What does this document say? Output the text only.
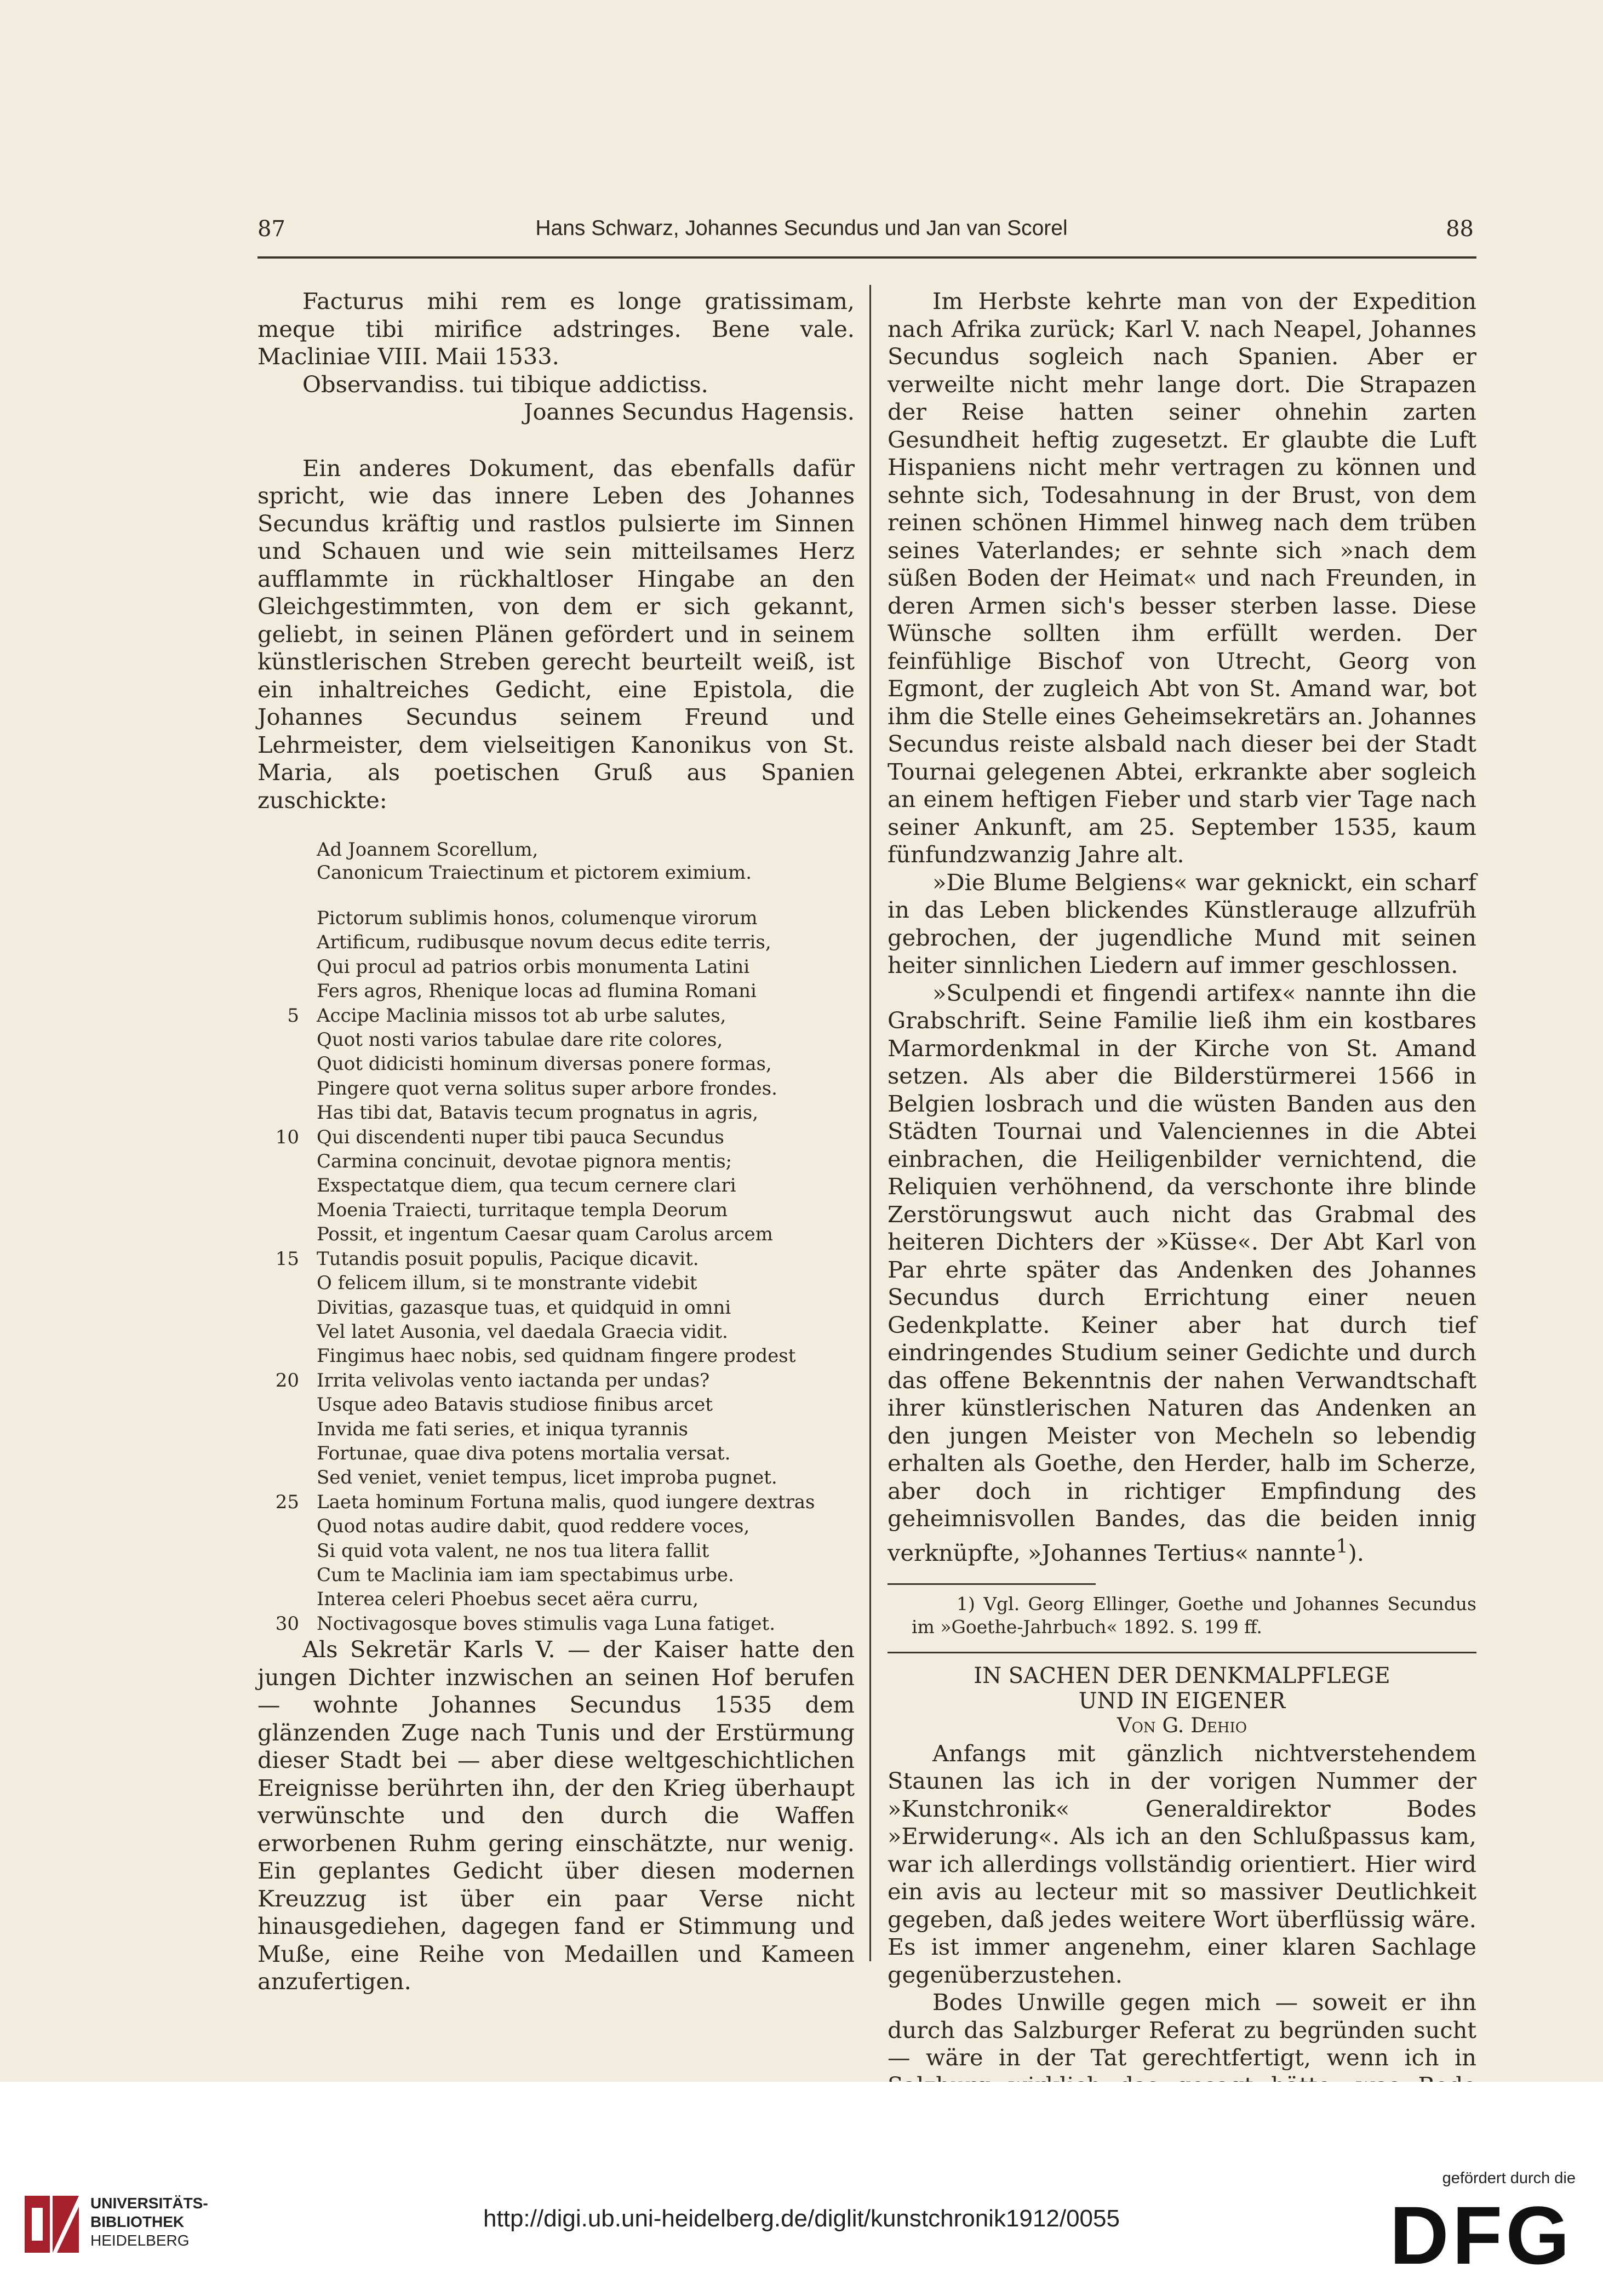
87	Hans Schwarz, Johannes Secundus und Jan van Scorel	88

Facturus mihi rem es longe gratissimam, meque tibi mirifice adstringes. Bene vale. Macliniae VIII. Maii 1533.

Observandiss. tui tibique addictiss.

Joannes Secundus Hagensis.

Ein anderes Dokument, das ebenfalls dafür spricht, wie das innere Leben des Johannes Secundus kräftig und rastlos pulsierte im Sinnen und Schauen und wie sein mitteilsames Herz aufflammte in rückhaltloser Hingabe an den Gleichgestimmten, von dem er sich gekannt, geliebt, in seinen Plänen gefördert und in seinem künstlerischen Streben gerecht beurteilt weiß, ist ein inhaltreiches Gedicht, eine Epistola, die Johannes Secundus seinem Freund und Lehrmeister, dem vielseitigen Kanonikus von St. Maria, als poetischen Gruß aus Spanien zuschickte:

Ad Joannem Scorellum,
Canonicum Traiectinum et pictorem eximium.
Pictorum sublimis honos, columenque virorum
Artificum, rudibusque novum decus edite terris,
Qui procul ad patrios orbis monumenta Latini
Fers agros, Rhenique locas ad flumina Romani
5 Accipe Maclinia missos tot ab urbe salutes,
Quot nosti varios tabulae dare rite colores,
Quot didicisti hominum diversas ponere formas,
Pingere quot verna solitus super arbore frondes.
Has tibi dat, Batavis tecum prognatus in agris,
10 Qui discendenti nuper tibi pauca Secundus
Carmina concinuit, devotae pignora mentis;
Exspectatque diem, qua tecum cernere clari
Moenia Traiecti, turritaque templa Deorum
Possit, et ingentum Caesar quam Carolus arcem
15 Tutandis posuit populis, Pacique dicavit.
O felicem illum, si te monstrante videbit
Divitias, gazasque tuas, et quidquid in omni
Vel latet Ausonia, vel daedala Graecia vidit.
Fingimus haec nobis, sed quidnam fingere prodest
20 Irrita velivolas vento iactanda per undas?
Usque adeo Batavis studiose finibus arcet
Invida me fati series, et iniqua tyrannis
Fortunae, quae diva potens mortalia versat.
Sed veniet, veniet tempus, licet improba pugnet.
25 Laeta hominum Fortuna malis, quod iungere dextras
Quod notas audire dabit, quod reddere voces,
Si quid vota valent, ne nos tua litera fallit
Cum te Maclinia iam iam spectabimus urbe.
Interea celeri Phoebus secet aëra curru,
30 Noctivagosque boves stimulis vaga Luna fatiget.

Als Sekretär Karls V. — der Kaiser hatte den jungen Dichter inzwischen an seinen Hof berufen — wohnte Johannes Secundus 1535 dem glänzenden Zuge nach Tunis und der Erstürmung dieser Stadt bei — aber diese weltgeschichtlichen Ereignisse berührten ihn, der den Krieg überhaupt verwünschte und den durch die Waffen erworbenen Ruhm gering einschätzte, nur wenig. Ein geplantes Gedicht über diesen modernen Kreuzzug ist über ein paar Verse nicht hinausgediehen, dagegen fand er Stimmung und Muße, eine Reihe von Medaillen und Kameen anzufertigen.

Im Herbste kehrte man von der Expedition nach Afrika zurück; Karl V. nach Neapel, Johannes Secundus sogleich nach Spanien. Aber er verweilte nicht mehr lange dort. Die Strapazen der Reise hatten seiner ohnehin zarten Gesundheit heftig zugesetzt. Er glaubte die Luft Hispaniens nicht mehr vertragen zu können und sehnte sich, Todesahnung in der Brust, von dem reinen schönen Himmel hinweg nach dem trüben seines Vaterlandes; er sehnte sich »nach dem süßen Boden der Heimat« und nach Freunden, in deren Armen sich's besser sterben lasse. Diese Wünsche sollten ihm erfüllt werden. Der feinfühlige Bischof von Utrecht, Georg von Egmont, der zugleich Abt von St. Amand war, bot ihm die Stelle eines Geheimsekretärs an. Johannes Secundus reiste alsbald nach dieser bei der Stadt Tournai gelegenen Abtei, erkrankte aber sogleich an einem heftigen Fieber und starb vier Tage nach seiner Ankunft, am 25. September 1535, kaum fünfundzwanzig Jahre alt.

»Die Blume Belgiens« war geknickt, ein scharf in das Leben blickendes Künstlerauge allzufrüh gebrochen, der jugendliche Mund mit seinen heiter sinnlichen Liedern auf immer geschlossen.

»Sculpendi et fingendi artifex« nannte ihn die Grabschrift. Seine Familie ließ ihm ein kostbares Marmordenkmal in der Kirche von St. Amand setzen. Als aber die Bilderstürmerei 1566 in Belgien losbrach und die wüsten Banden aus den Städten Tournai und Valenciennes in die Abtei einbrachen, die Heiligenbilder vernichtend, die Reliquien verhöhnend, da verschonte ihre blinde Zerstörungswut auch nicht das Grabmal des heiteren Dichters der »Küsse«. Der Abt Karl von Par ehrte später das Andenken des Johannes Secundus durch Errichtung einer neuen Gedenkplatte. Keiner aber hat durch tief eindringendes Studium seiner Gedichte und durch das offene Bekenntnis der nahen Verwandtschaft ihrer künstlerischen Naturen das Andenken an den jungen Meister von Mecheln so lebendig erhalten als Goethe, den Herder, halb im Scherze, aber doch in richtiger Empfindung des geheimnisvollen Bandes, das die beiden innig verknüpfte, »Johannes Tertius« nannte$^1$).

1) Vgl. Georg Ellinger, Goethe und Johannes Secundus im »Goethe-Jahrbuch« 1892. S. 199 ff.

IN SACHEN DER DENKMALPFLEGE
UND IN EIGENER
Von G. Dehio

Anfangs mit gänzlich nichtverstehendem Staunen las ich in der vorigen Nummer der »Kunstchronik« Generaldirektor Bodes »Erwiderung«. Als ich an den Schlußpassus kam, war ich allerdings vollständig orientiert. Hier wird ein avis au lecteur mit so massiver Deutlichkeit gegeben, daß jedes weitere Wort überflüssig wäre. Es ist immer angenehm, einer klaren Sachlage gegenüberzustehen.

Bodes Unwille gegen mich — soweit er ihn durch das Salzburger Referat zu begründen sucht — wäre in der Tat gerechtfertigt, wenn ich in

UNIVERSITÄTS-
BIBLIOTHEK
HEIDELBERG
http://digi.ub.uni-heidelberg.de/diglit/kunstchronik1912/0055
gefördert durch die
DFG
